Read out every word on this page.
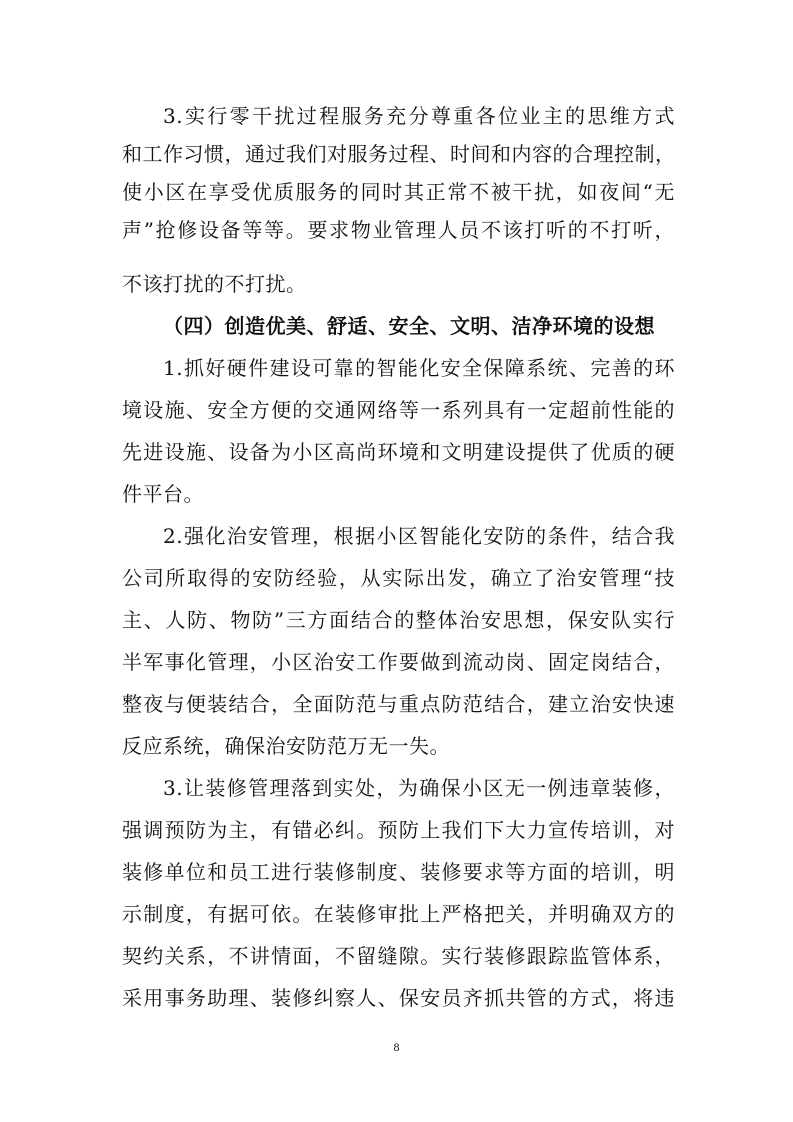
3.实行零干扰过程服务充分尊重各位业主的思维方式
和工作习惯，通过我们对服务过程、时间和内容的合理控制，
使小区在享受优质服务的同时其正常不被干扰，如夜间“无
声”抢修设备等等。要求物业管理人员不该打听的不打听，
不该打扰的不打扰。
（四）创造优美、舒适、安全、文明、洁净环境的设想
1.抓好硬件建设可靠的智能化安全保障系统、完善的环
境设施、安全方便的交通网络等一系列具有一定超前性能的
先进设施、设备为小区高尚环境和文明建设提供了优质的硬
件平台。
2.强化治安管理，根据小区智能化安防的条件，结合我
公司所取得的安防经验，从实际出发，确立了治安管理“技
主、人防、物防”三方面结合的整体治安思想，保安队实行
半军事化管理，小区治安工作要做到流动岗、固定岗结合，
整夜与便装结合，全面防范与重点防范结合，建立治安快速
反应系统，确保治安防范万无一失。
3.让装修管理落到实处，为确保小区无一例违章装修，
强调预防为主，有错必纠。预防上我们下大力宣传培训，对
装修单位和员工进行装修制度、装修要求等方面的培训，明
示制度，有据可依。在装修审批上严格把关，并明确双方的
契约关系，不讲情面，不留缝隙。实行装修跟踪监管体系，
采用事务助理、装修纠察人、保安员齐抓共管的方式，将违
8
